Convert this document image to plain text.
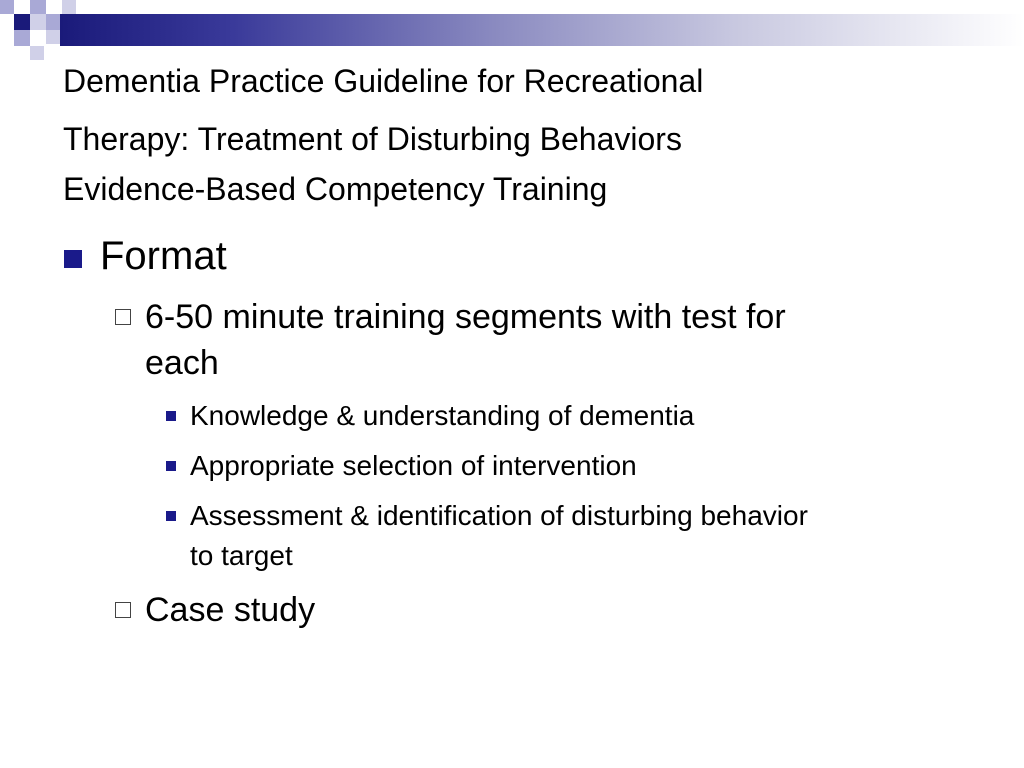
Dementia Practice Guideline for Recreational
Therapy: Treatment of Disturbing Behaviors
Evidence-Based Competency Training
Format
6-50 minute training segments with test for
each
Knowledge & understanding of dementia
Appropriate selection of intervention
Assessment & identification of disturbing behavior
to target
Case study
